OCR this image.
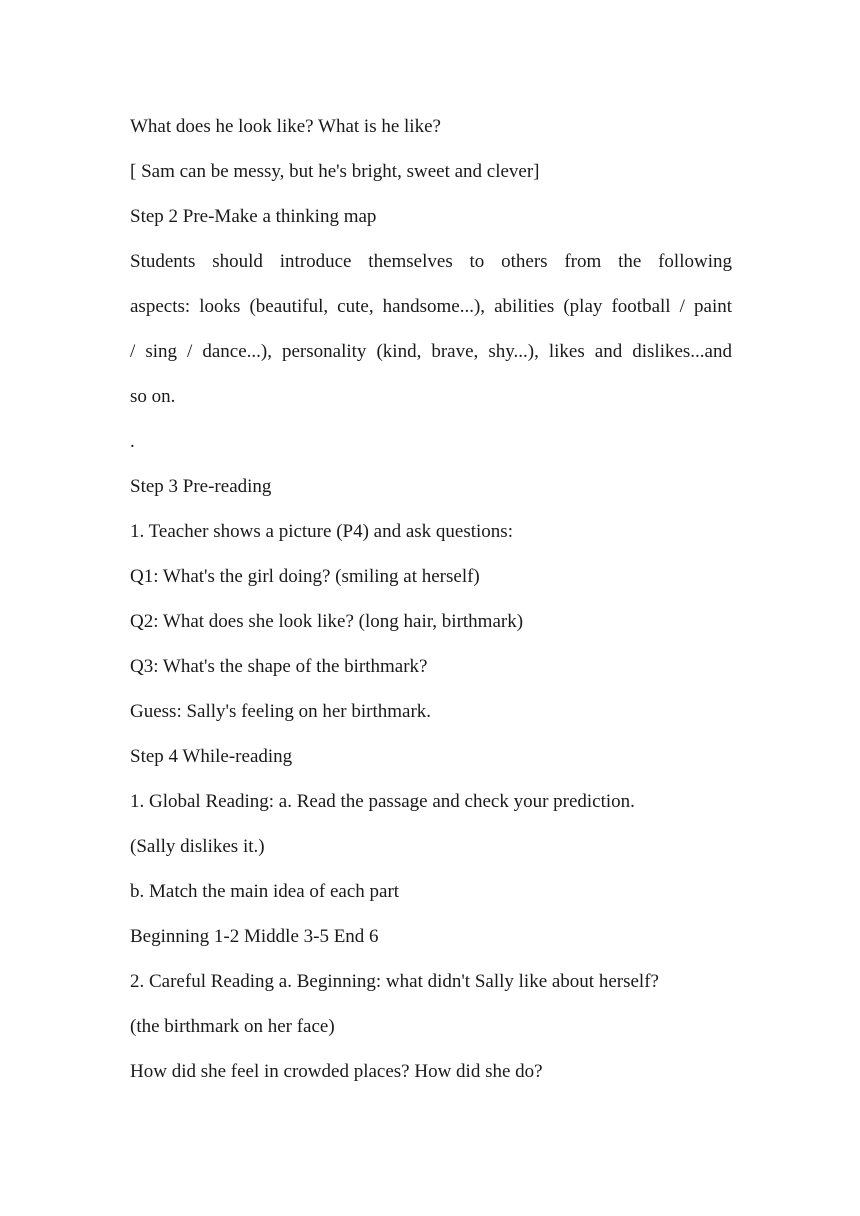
What does he look like? What is he like?
[ Sam can be messy, but he's bright, sweet and clever]
Step 2 Pre-Make a thinking map
Students should introduce themselves to others from the following
aspects: looks (beautiful, cute, handsome...), abilities (play football / paint
/ sing / dance...), personality (kind, brave, shy...), likes and dislikes...and
so on.
.
Step 3 Pre-reading
1. Teacher shows a picture (P4) and ask questions:
Q1: What's the girl doing? (smiling at herself)
Q2: What does she look like? (long hair, birthmark)
Q3: What's the shape of the birthmark?
Guess: Sally's feeling on her birthmark.
Step 4 While-reading
1. Global Reading: a. Read the passage and check your prediction.
(Sally dislikes it.)
b. Match the main idea of each part
Beginning 1-2 Middle 3-5 End 6
2. Careful Reading a. Beginning: what didn't Sally like about herself?
(the birthmark on her face)
How did she feel in crowded places? How did she do?
